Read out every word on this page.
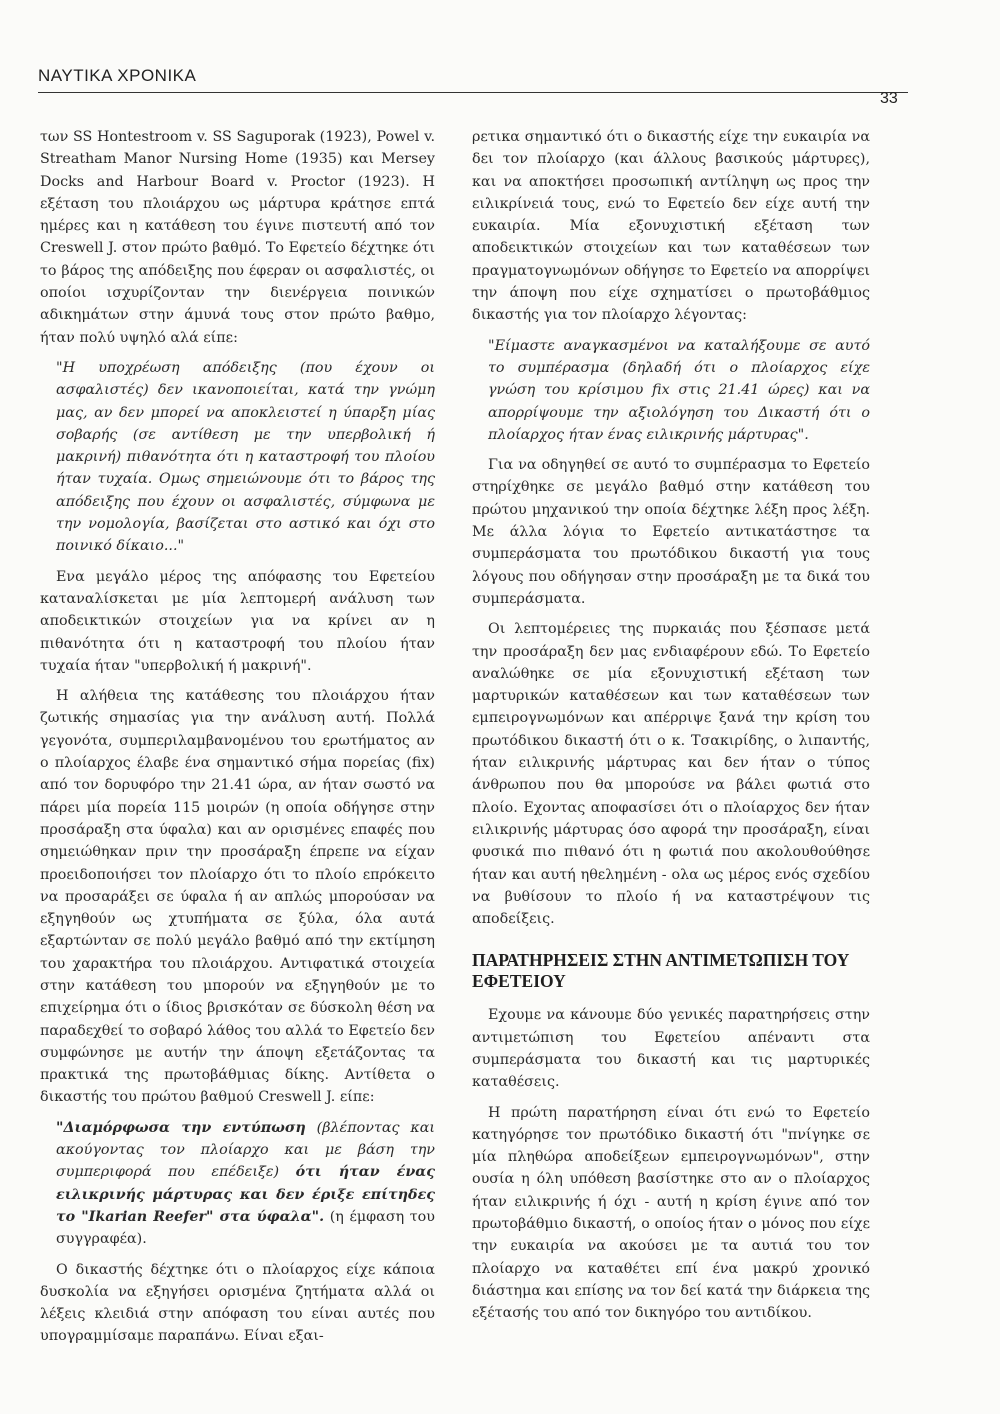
ΝΑΥΤΙΚΑ ΧΡΟΝΙΚΑ
33

των SS Hontestroom v. SS Saguporak (1923), Powel v. Streatham Manor Nursing Home (1935) και Mersey Docks and Harbour Board v. Proctor (1923). Η εξέταση του πλοιάρχου ως μάρτυρα κράτησε επτά ημέρες και η κατάθεση του έγινε πιστευτή από τον Creswell J. στον πρώτο βαθμό. Το Εφετείο δέχτηκε ότι το βάρος της απόδειξης που έφεραν οι ασφαλιστές, οι οποίοι ισχυρίζονταν την διενέργεια ποινικών αδικημάτων στην άμυνά τους στον πρώτο βαθμο, ήταν πολύ υψηλό αλά είπε:

"Η υποχρέωση απόδειξης (που έχουν οι ασφαλιστές) δεν ικανοποιείται, κατά την γνώμη μας, αν δεν μπορεί να αποκλειστεί η ύπαρξη μίας σοβαρής (σε αντίθεση με την υπερβολική ή μακρινή) πιθανότητα ότι η καταστροφή του πλοίου ήταν τυχαία. Ομως σημειώνουμε ότι το βάρος της απόδειξης που έχουν οι ασφαλιστές, σύμφωνα με την νομολογία, βασίζεται στο αστικό και όχι στο ποινικό δίκαιο..."

Ενα μεγάλο μέρος της απόφασης του Εφετείου καταναλίσκεται με μία λεπτομερή ανάλυση των αποδεικτικών στοιχείων για να κρίνει αν η πιθανότητα ότι η καταστροφή του πλοίου ήταν τυχαία ήταν "υπερβολική ή μακρινή".

Η αλήθεια της κατάθεσης του πλοιάρχου ήταν ζωτικής σημασίας για την ανάλυση αυτή. Πολλά γεγονότα, συμπεριλαμβανομένου του ερωτήματος αν ο πλοίαρχος έλαβε ένα σημαντικό σήμα πορείας (fix) από τον δορυφόρο την 21.41 ώρα, αν ήταν σωστό να πάρει μία πορεία 115 μοιρών (η οποία οδήγησε στην προσάραξη στα ύφαλα) και αν ορισμένες επαφές που σημειώθηκαν πριν την προσάραξη έπρεπε να είχαν προειδοποιήσει τον πλοίαρχο ότι το πλοίο επρόκειτο να προσαράξει σε ύφαλα ή αν απλώς μπορούσαν να εξηγηθούν ως χτυπήματα σε ξύλα, όλα αυτά εξαρτώνταν σε πολύ μεγάλο βαθμό από την εκτίμηση του χαρακτήρα του πλοιάρχου. Αντιφατικά στοιχεία στην κατάθεση του μπορούν να εξηγηθούν με το επιχείρημα ότι ο ίδιος βρισκόταν σε δύσκολη θέση να παραδεχθεί το σοβαρό λάθος του αλλά το Εφετείο δεν συμφώνησε με αυτήν την άποψη εξετάζοντας τα πρακτικά της πρωτοβάθμιας δίκης. Αντίθετα ο δικαστής του πρώτου βαθμού Creswell J. είπε:

"Διαμόρφωσα την εντύπωση (βλέποντας και ακούγοντας τον πλοίαρχο και με βάση την συμπεριφορά που επέδειξε) ότι ήταν ένας ειλικρινής μάρτυρας και δεν έριξε επίτηδες το "Ikarian Reefer" στα ύφαλα". (η έμφαση του συγγραφέα).

Ο δικαστής δέχτηκε ότι ο πλοίαρχος είχε κάποια δυσκολία να εξηγήσει ορισμένα ζητήματα αλλά οι λέξεις κλειδιά στην απόφαση του είναι αυτές που υπογραμμίσαμε παραπάνω. Είναι εξαι-

ρετικα σημαντικό ότι ο δικαστής είχε την ευκαιρία να δει τον πλοίαρχο (και άλλους βασικούς μάρτυρες), και να αποκτήσει προσωπική αντίληψη ως προς την ειλικρίνειά τους, ενώ το Εφετείο δεν είχε αυτή την ευκαιρία. Μία εξονυχιστική εξέταση των αποδεικτικών στοιχείων και των καταθέσεων των πραγματογνωμόνων οδήγησε το Εφετείο να απορρίψει την άποψη που είχε σχηματίσει ο πρωτοβάθμιος δικαστής για τον πλοίαρχο λέγοντας:

"Είμαστε αναγκασμένοι να καταλήξουμε σε αυτό το συμπέρασμα (δηλαδή ότι ο πλοίαρχος είχε γνώση του κρίσιμου fix στις 21.41 ώρες) και να απορρίψουμε την αξιολόγηση του Δικαστή ότι ο πλοίαρχος ήταν ένας ειλικρινής μάρτυρας".

Για να οδηγηθεί σε αυτό το συμπέρασμα το Εφετείο στηρίχθηκε σε μεγάλο βαθμό στην κατάθεση του πρώτου μηχανικού την οποία δέχτηκε λέξη προς λέξη. Με άλλα λόγια το Εφετείο αντικατάστησε τα συμπεράσματα του πρωτόδικου δικαστή για τους λόγους που οδήγησαν στην προσάραξη με τα δικά του συμπεράσματα.

Οι λεπτομέρειες της πυρκαιάς που ξέσπασε μετά την προσάραξη δεν μας ενδιαφέρουν εδώ. Το Εφετείο αναλώθηκε σε μία εξονυχιστική εξέταση των μαρτυρικών καταθέσεων και των καταθέσεων των εμπειρογνωμόνων και απέρριψε ξανά την κρίση του πρωτόδικου δικαστή ότι ο κ. Τσακιρίδης, ο λιπαντής, ήταν ειλικρινής μάρτυρας και δεν ήταν ο τύπος άνθρωπου που θα μπορούσε να βάλει φωτιά στο πλοίο. Εχοντας αποφασίσει ότι ο πλοίαρχος δεν ήταν ειλικρινής μάρτυρας όσο αφορά την προσάραξη, είναι φυσικά πιο πιθανό ότι η φωτιά που ακολουθούθησε ήταν και αυτή ηθελημένη - ολα ως μέρος ενός σχεδίου να βυθίσουν το πλοίο ή να καταστρέψουν τις αποδείξεις.

ΠΑΡΑΤΗΡΗΣΕΙΣ ΣΤΗΝ ΑΝΤΙΜΕΤΩΠΙΣΗ ΤΟΥ ΕΦΕΤΕΙΟΥ

Εχουμε να κάνουμε δύο γενικές παρατηρήσεις στην αντιμετώπιση του Εφετείου απέναντι στα συμπεράσματα του δικαστή και τις μαρτυρικές καταθέσεις.

Η πρώτη παρατήρηση είναι ότι ενώ το Εφετείο κατηγόρησε τον πρωτόδικο δικαστή ότι "πνίγηκε σε μία πληθώρα αποδείξεων εμπειρογνωμόνων", στην ουσία η όλη υπόθεση βασίστηκε στο αν ο πλοίαρχος ήταν ειλικρινής ή όχι - αυτή η κρίση έγινε από τον πρωτοβάθμιο δικαστή, ο οποίος ήταν ο μόνος που είχε την ευκαιρία να ακούσει με τα αυτιά του τον πλοίαρχο να καταθέτει επί ένα μακρύ χρονικό διάστημα και επίσης να τον δεί κατά την διάρκεια της εξέτασής του από τον δικηγόρο του αντιδίκου.
